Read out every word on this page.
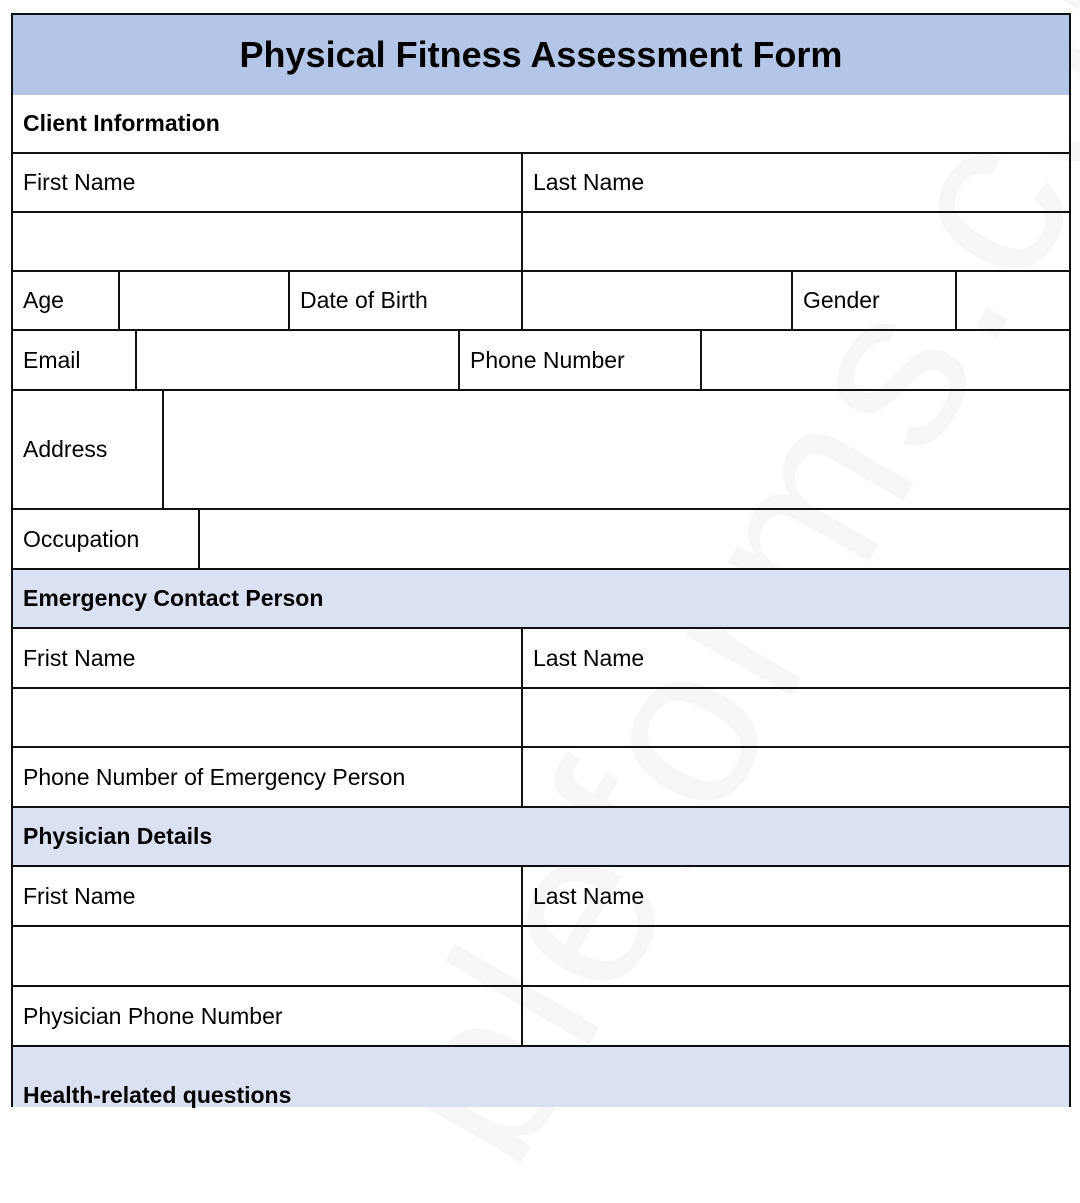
Physical Fitness Assessment Form
Client Information
First Name	Last Name
Age	Date of Birth	Gender
Email	Phone Number
Address
Occupation
Emergency Contact Person
Frist Name	Last Name
Phone Number of Emergency Person
Physician Details
Frist Name	Last Name
Physician Phone Number
Health-related questions
